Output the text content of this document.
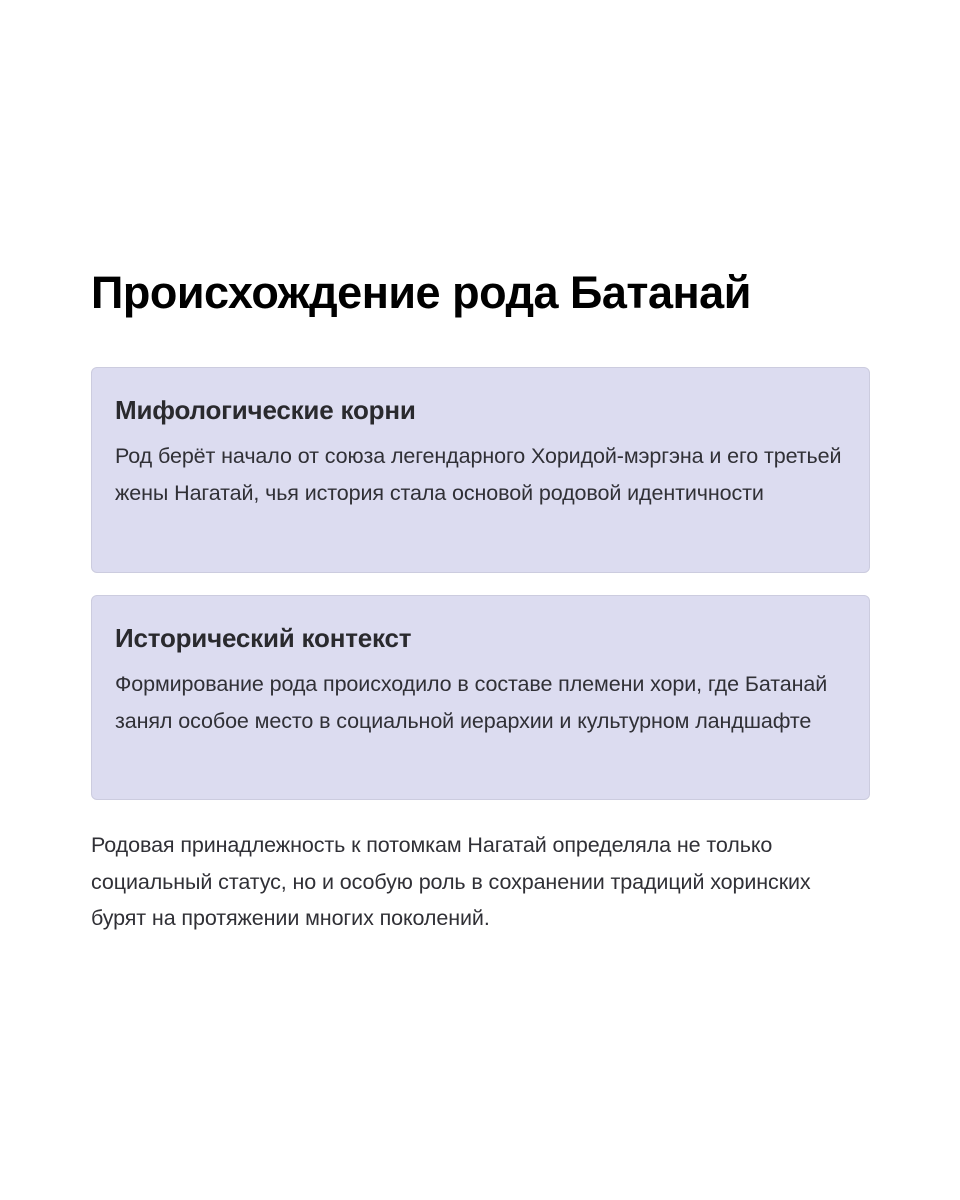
Происхождение рода Батанай
Мифологические корни

Род берёт начало от союза легендарного Хоридой-мэргэна и его третьей жены Нагатай, чья история стала основой родовой идентичности

Исторический контекст

Формирование рода происходило в составе племени хори, где Батанай занял особое место в социальной иерархии и культурном ландшафте

Родовая принадлежность к потомкам Нагатай определяла не только социальный статус, но и особую роль в сохранении традиций хоринских бурят на протяжении многих поколений.
